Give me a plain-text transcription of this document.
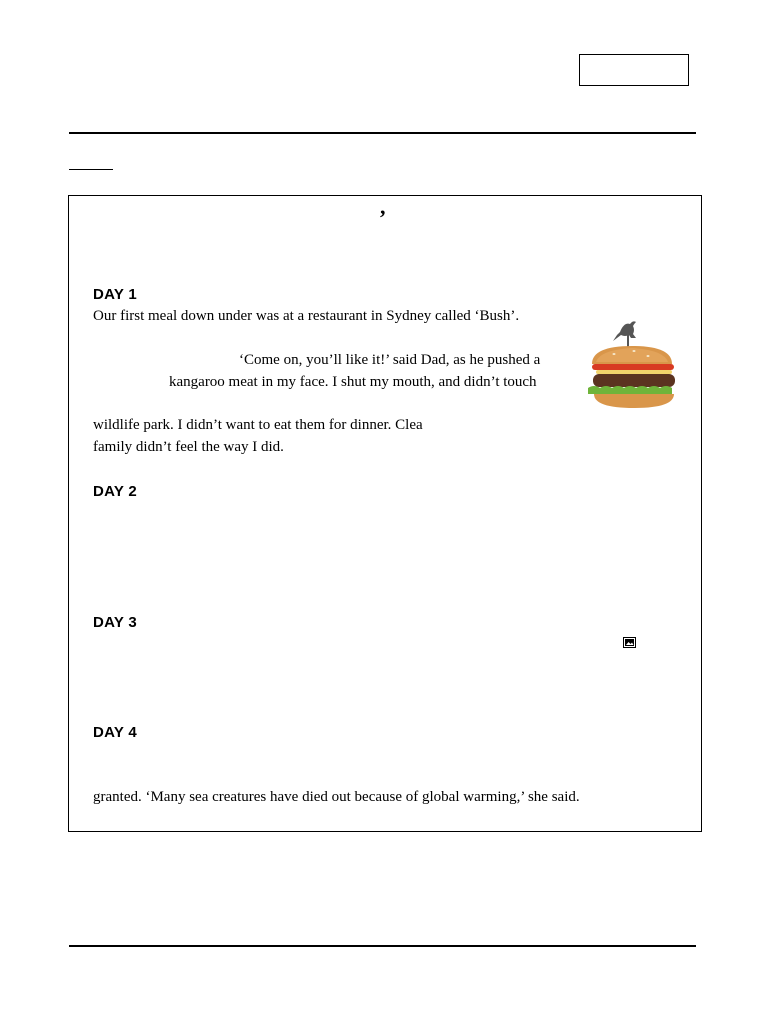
,
DAY 1
Our first meal down under was at a restaurant in Sydney called ‘Bush’.
‘Come on, you’ll like it!’ said Dad, as he pushed a
kangaroo meat in my face. I shut my mouth, and didn’t touch
wildlife park. I didn’t want to eat them for dinner. Clea
family didn’t feel the way I did.
DAY 2
DAY 3
DAY 4
granted. ‘Many sea creatures have died out because of global warming,’ she said.
